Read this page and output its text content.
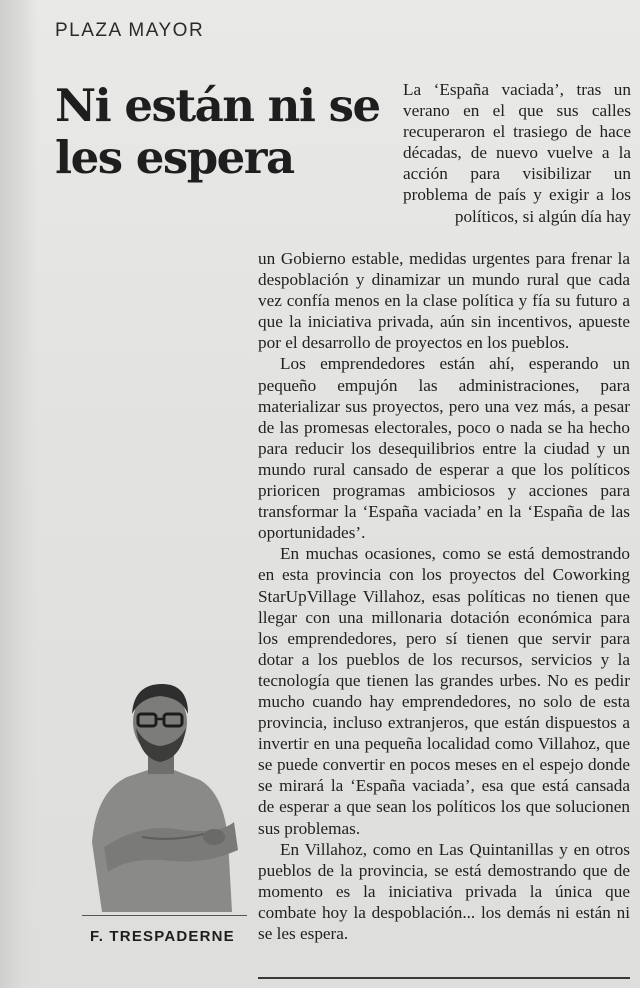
PLAZA MAYOR
Ni están ni se les espera

La ‘España vaciada’, tras un verano en el que sus calles recuperaron el trasiego de hace décadas, de nuevo vuelve a la acción para visibilizar un problema de país y exigir a los políticos, si algún día hay

un Gobierno estable, medidas urgentes para frenar la despoblación y dinamizar un mundo rural que cada vez confía menos en la clase política y fía su futuro a que la iniciativa privada, aún sin incentivos, apueste por el desarrollo de proyectos en los pueblos.

Los emprendedores están ahí, esperando un pequeño empujón las administraciones, para materializar sus proyectos, pero una vez más, a pesar de las promesas electorales, poco o nada se ha hecho para reducir los desequilibrios entre la ciudad y un mundo rural cansado de esperar a que los políticos prioricen programas ambiciosos y acciones para transformar la ‘España vaciada’ en la ‘España de las oportunidades’.

En muchas ocasiones, como se está demostrando en esta provincia con los proyectos del Coworking StarUpVillage Villahoz, esas políticas no tienen que llegar con una millonaria dotación económica para los emprendedores, pero sí tienen que servir para dotar a los pueblos de los recursos, servicios y la tecnología que tienen las grandes urbes. No es pedir mucho cuando hay emprendedores, no solo de esta provincia, incluso extranjeros, que están dispuestos a invertir en una pequeña localidad como Villahoz, que se puede convertir en pocos meses en el espejo donde se mirará la ‘España vaciada’, esa que está cansada de esperar a que sean los políticos los que solucionen sus problemas.

En Villahoz, como en Las Quintanillas y en otros pueblos de la provincia, se está demostrando que de momento es la iniciativa privada la única que combate hoy la despoblación... los demás ni están ni se les espera.

F. TRESPADERNE
